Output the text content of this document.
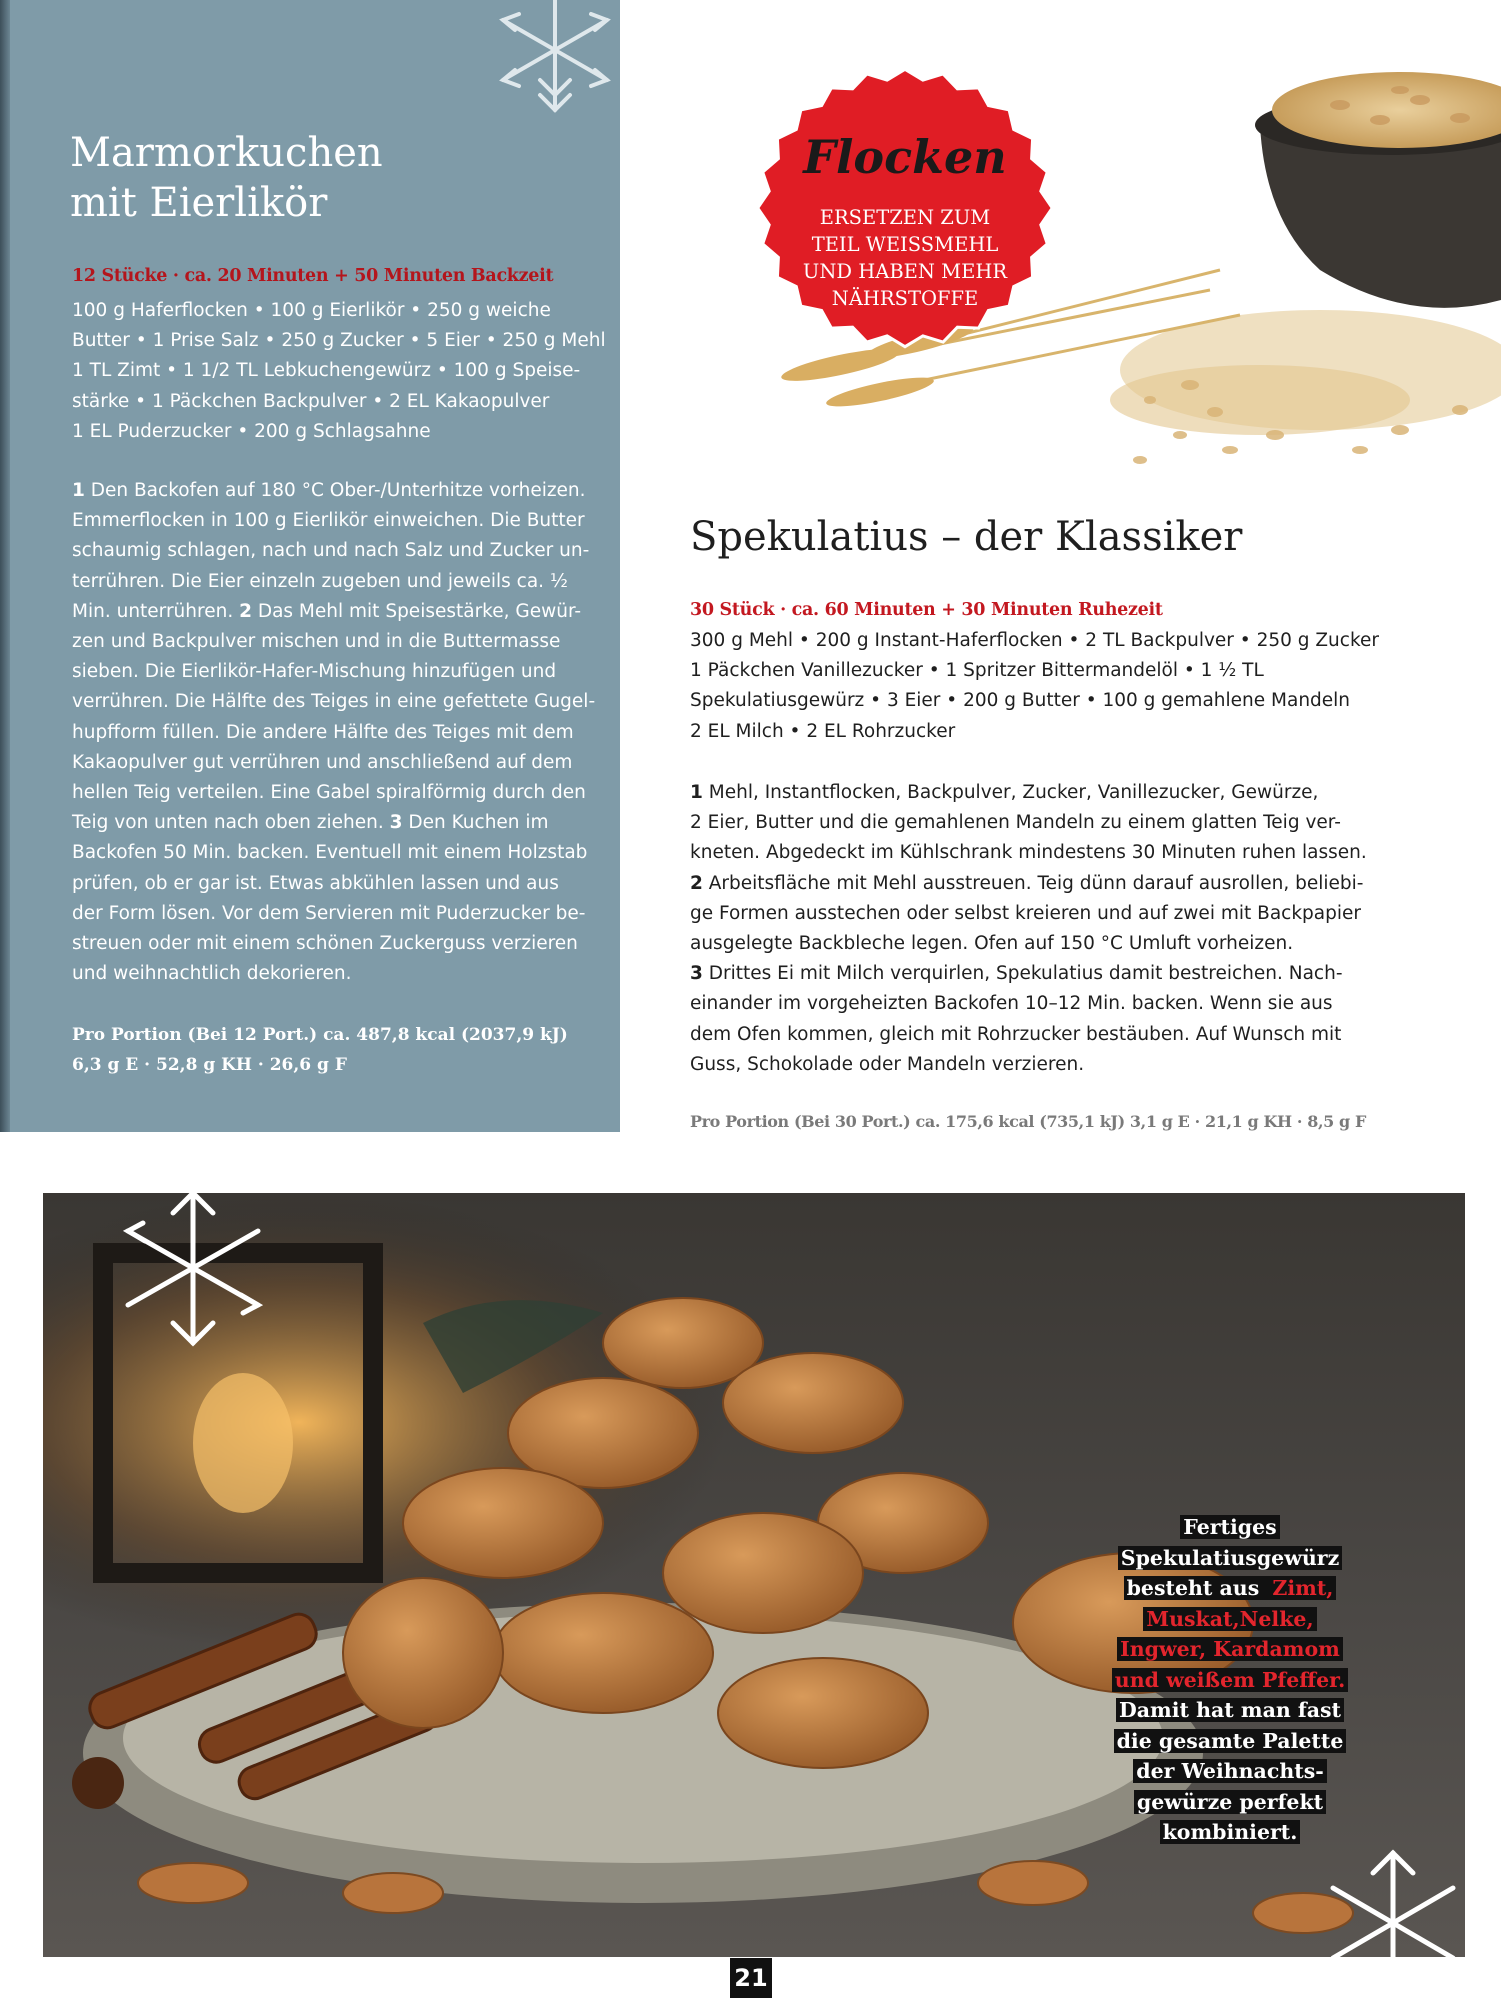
Marmorkuchen
mit Eierlikör

12 Stücke · ca. 20 Minuten + 50 Minuten Backzeit

100 g Haferflocken • 100 g Eierlikör • 250 g weiche
Butter • 1 Prise Salz • 250 g Zucker • 5 Eier • 250 g Mehl
1 TL Zimt • 1 1/2 TL Lebkuchengewürz • 100 g Speise-
stärke • 1 Päckchen Backpulver • 2 EL Kakaopulver
1 EL Puderzucker • 200 g Schlagsahne

1 Den Backofen auf 180 °C Ober-/Unterhitze vorheizen.
Emmerflocken in 100 g Eierlikör einweichen. Die Butter
schaumig schlagen, nach und nach Salz und Zucker un-
terrühren. Die Eier einzeln zugeben und jeweils ca. ½
Min. unterrühren. 2 Das Mehl mit Speisestärke, Gewür-
zen und Backpulver mischen und in die Buttermasse
sieben. Die Eierlikör-Hafer-Mischung hinzufügen und
verrühren. Die Hälfte des Teiges in eine gefettete Gugel-
hupfform füllen. Die andere Hälfte des Teiges mit dem
Kakaopulver gut verrühren und anschließend auf dem
hellen Teig verteilen. Eine Gabel spiralförmig durch den
Teig von unten nach oben ziehen. 3 Den Kuchen im
Backofen 50 Min. backen. Eventuell mit einem Holzstab
prüfen, ob er gar ist. Etwas abkühlen lassen und aus
der Form lösen. Vor dem Servieren mit Puderzucker be-
streuen oder mit einem schönen Zuckerguss verzieren
und weihnachtlich dekorieren.

Pro Portion (Bei 12 Port.) ca. 487,8 kcal (2037,9 kJ)
6,3 g E · 52,8 g KH · 26,6 g F

Flocken

ERSETZEN ZUM
TEIL WEISSMEHL
UND HABEN MEHR
NÄHRSTOFFE

Spekulatius – der Klassiker

30 Stück · ca. 60 Minuten + 30 Minuten Ruhezeit

300 g Mehl • 200 g Instant-Haferflocken • 2 TL Backpulver • 250 g Zucker
1 Päckchen Vanillezucker • 1 Spritzer Bittermandelöl • 1 ½ TL
Spekulatiusgewürz • 3 Eier • 200 g Butter • 100 g gemahlene Mandeln
2 EL Milch • 2 EL Rohrzucker

1 Mehl, Instantflocken, Backpulver, Zucker, Vanillezucker, Gewürze,
2 Eier, Butter und die gemahlenen Mandeln zu einem glatten Teig ver-
kneten. Abgedeckt im Kühlschrank mindestens 30 Minuten ruhen lassen.
2 Arbeitsfläche mit Mehl ausstreuen. Teig dünn darauf ausrollen, beliebi-
ge Formen ausstechen oder selbst kreieren und auf zwei mit Backpapier
ausgelegte Backbleche legen. Ofen auf 150 °C Umluft vorheizen.
3 Drittes Ei mit Milch verquirlen, Spekulatius damit bestreichen. Nach-
einander im vorgeheizten Backofen 10–12 Min. backen. Wenn sie aus
dem Ofen kommen, gleich mit Rohrzucker bestäuben. Auf Wunsch mit
Guss, Schokolade oder Mandeln verzieren.

Pro Portion (Bei 30 Port.) ca. 175,6 kcal (735,1 kJ) 3,1 g E · 21,1 g KH · 8,5 g F

Fertiges
Spekulatiusgewürz
besteht aus Zimt,
Muskat,Nelke,
Ingwer, Kardamom
und weißem Pfeffer.
Damit hat man fast
die gesamte Palette
der Weihnachts-
gewürze perfekt
kombiniert.

21
